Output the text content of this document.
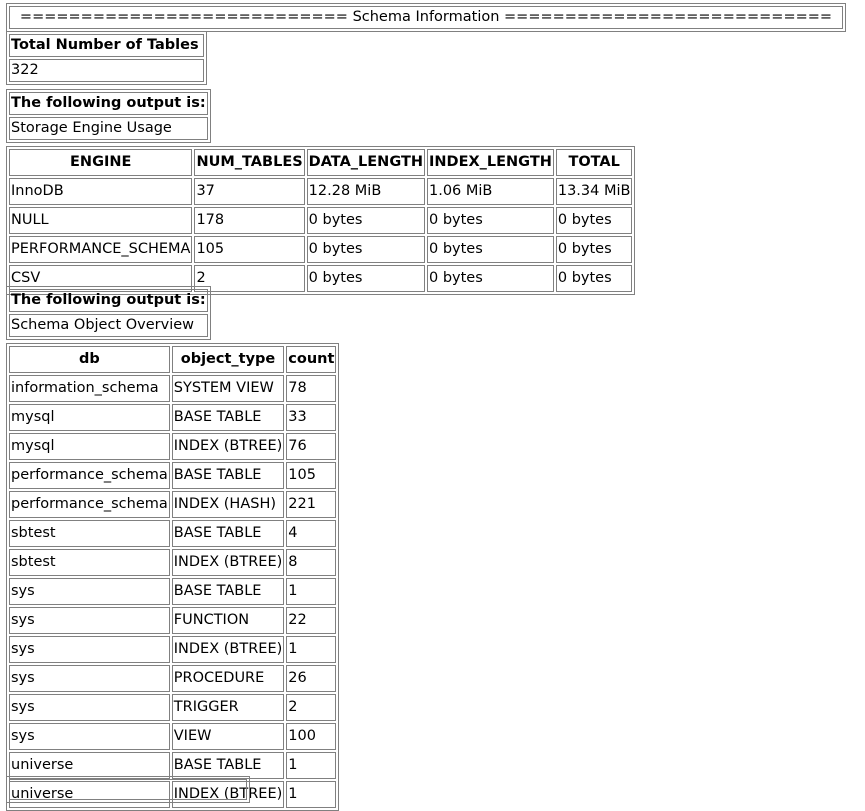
=========================== Schema Information ===========================
Total Number of Tables
322
The following output is:
Storage Engine Usage
ENGINE	NUM_TABLES	DATA_LENGTH	INDEX_LENGTH	TOTAL
InnoDB	37	12.28 MiB	1.06 MiB	13.34 MiB
NULL	178	0 bytes	0 bytes	0 bytes
PERFORMANCE_SCHEMA	105	0 bytes	0 bytes	0 bytes
CSV	2	0 bytes	0 bytes	0 bytes
The following output is:
Schema Object Overview
db	object_type	count
information_schema	SYSTEM VIEW	78
mysql	BASE TABLE	33
mysql	INDEX (BTREE)	76
performance_schema	BASE TABLE	105
performance_schema	INDEX (HASH)	221
sbtest	BASE TABLE	4
sbtest	INDEX (BTREE)	8
sys	BASE TABLE	1
sys	FUNCTION	22
sys	INDEX (BTREE)	1
sys	PROCEDURE	26
sys	TRIGGER	2
sys	VIEW	100
universe	BASE TABLE	1
universe	INDEX (BTREE)	1
